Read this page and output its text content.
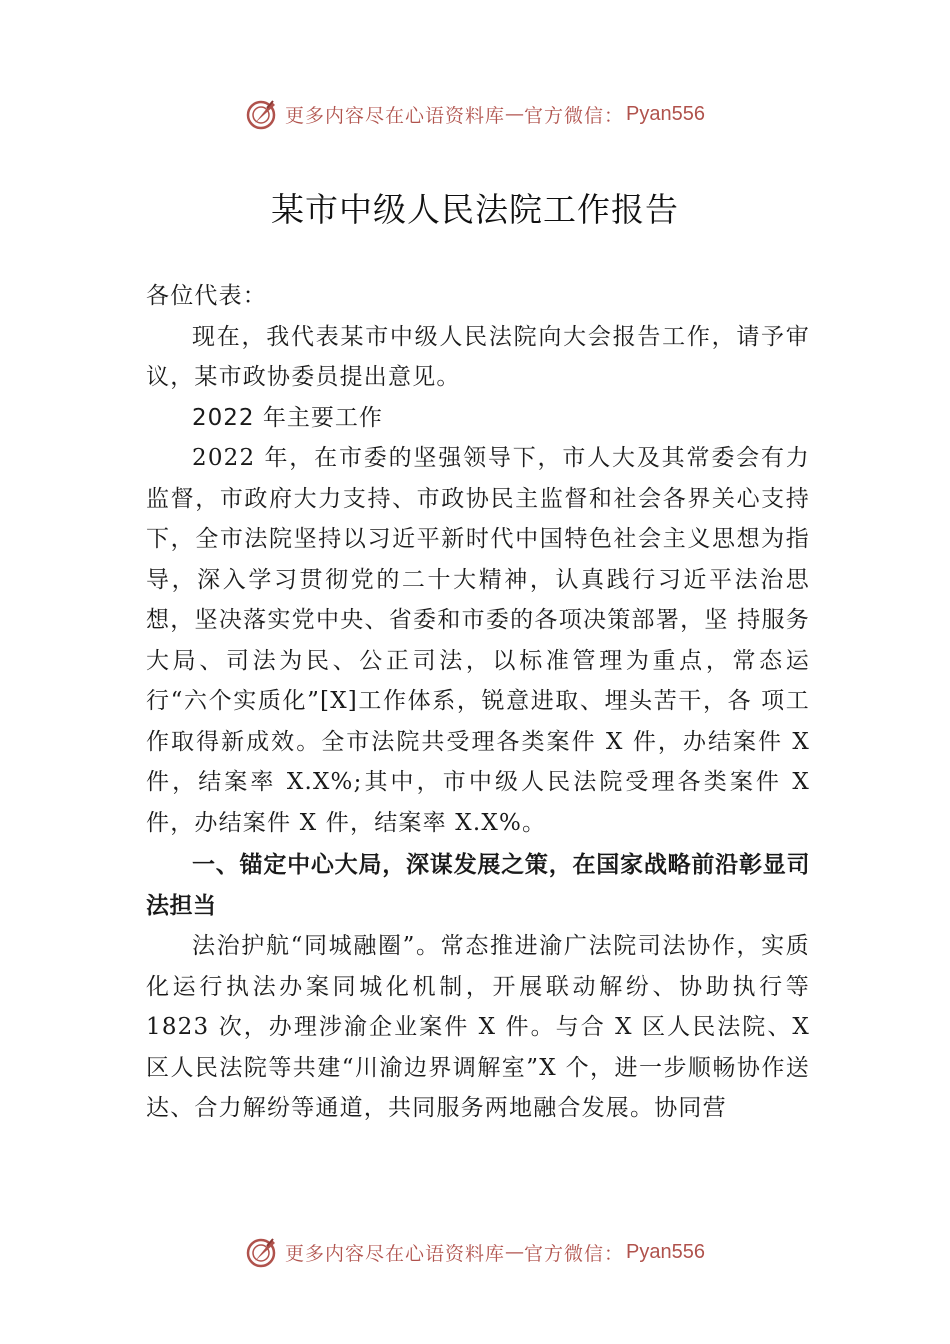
更多内容尽在心语资料库 — 官方微信： Pyan556
某市中级人民法院工作报告

各位代表：

现在，我代表某市中级人民法院向大会报告工作，请予审议，某市政协委员提出意见。

2022 年主要工作

2022 年，在市委的坚强领导下，市人大及其常委会有力监督，市政府大力支持、市政协民主监督和社会各界关心支持下，全市法院坚持以习近平新时代中国特色社会主义思想为指导，深入学习贯彻党的二十大精神，认真践行习近平法治思想，坚决落实党中央、省委和市委的各项决策部署，坚 持服务大局、司法为民、公正司法，以标准管理为重点，常态运行“六个实质化”[X]工作体系，锐意进取、埋头苦干，各 项工作取得新成效。全市法院共受理各类案件 X 件，办结案件 X 件，结案率 X.X%;其中，市中级人民法院受理各类案件 X 件，办结案件 X 件，结案率 X.X%。

一、锚定中心大局，深谋发展之策，在国家战略前沿彰显司法担当

法治护航“同城融圈”。常态推进渝广法院司法协作，实质化运行执法办案同城化机制，开展联动解纷、协助执行等 1823 次，办理涉渝企业案件 X 件。与合 X 区人民法院、X 区人民法院等共建“川渝边界调解室”X 个，进一步顺畅协作送达、合力解纷等通道，共同服务两地融合发展。协同营

更多内容尽在心语资料库 — 官方微信： Pyan556
